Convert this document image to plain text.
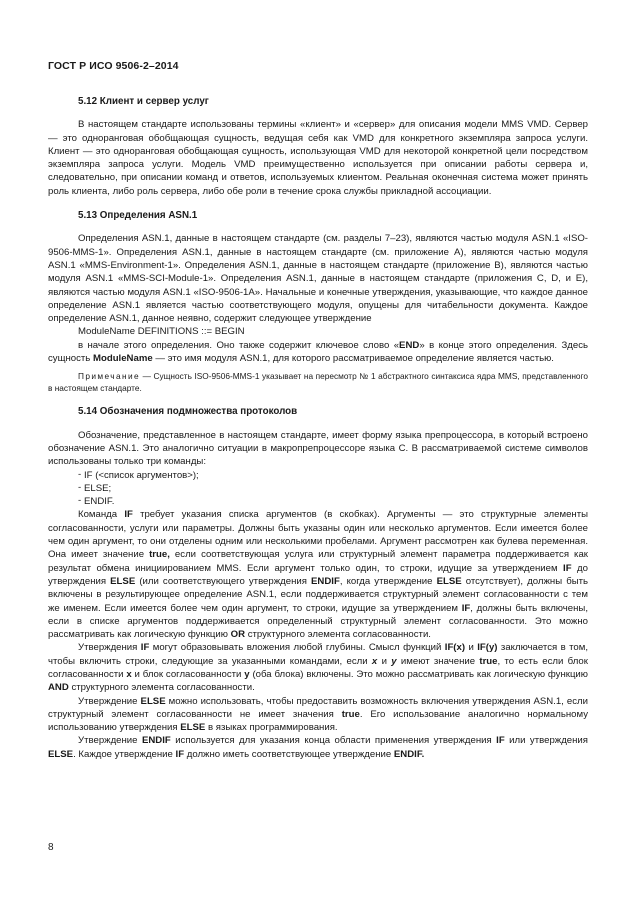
ГОСТ Р ИСО 9506-2–2014
5.12 Клиент и сервер услуг

В настоящем стандарте использованы термины «клиент» и «сервер» для описания модели MMS VMD. Сервер — это одноранговая обобщающая сущность, ведущая себя как VMD для конкретного экземпляра запроса услуги. Клиент — это одноранговая обобщающая сущность, использующая VMD для некоторой конкретной цели посредством экземпляра запроса услуги. Модель VMD преимущественно используется при описании работы сервера и, следовательно, при описании команд и ответов, используемых клиентом. Реальная оконечная система может принять роль клиента, либо роль сервера, либо обе роли в течение срока службы прикладной ассоциации.

5.13 Определения ASN.1

Определения ASN.1, данные в настоящем стандарте (см. разделы 7–23), являются частью модуля ASN.1 «ISO-9506-MMS-1». Определения ASN.1, данные в настоящем стандарте (см. приложение А), являются частью модуля ASN.1 «MMS-Environment-1». Определения ASN.1, данные в настоящем стандарте (приложение В), являются частью модуля ASN.1 «MMS-SCI-Module-1». Определения ASN.1, данные в настоящем стандарте (приложения С, D, и Е), являются частью модуля ASN.1 «ISO-9506-1А». Начальные и конечные утверждения, указывающие, что каждое данное определение ASN.1 является частью соответствующего модуля, опущены для читабельности документа. Каждое определение ASN.1, данное неявно, содержит следующее утверждение

ModuleName DEFINITIONS ::= BEGIN

в начале этого определения. Оно также содержит ключевое слово «END» в конце этого определения. Здесь сущность ModuleName — это имя модуля ASN.1, для которого рассматриваемое определение является частью.

Примечание — Сущность ISO-9506-MMS-1 указывает на пересмотр № 1 абстрактного синтаксиса ядра MMS, представленного в настоящем стандарте.
5.14 Обозначения подмножества протоколов

Обозначение, представленное в настоящем стандарте, имеет форму языка препроцессора, в который встроено обозначение ASN.1. Это аналогично ситуации в макропрепроцессоре языка С. В рассматриваемой системе символов использованы только три команды:

- IF (<список аргументов>);
- ELSE;
- ENDIF.

Команда IF требует указания списка аргументов (в скобках). Аргументы — это структурные элементы согласованности, услуги или параметры. Должны быть указаны один или несколько аргументов. Если имеется более чем один аргумент, то они отделены одним или несколькими пробелами. Аргумент рассмотрен как булева переменная. Она имеет значение true, если соответствующая услуга или структурный элемент параметра поддерживается как результат обмена инициированием MMS. Если аргумент только один, то строки, идущие за утверждением IF до утверждения ELSE (или соответствующего утверждения ENDIF, когда утверждение ELSE отсутствует), должны быть включены в результирующее определение ASN.1, если поддерживается структурный элемент согласованности с тем же именем. Если имеется более чем один аргумент, то строки, идущие за утверждением IF, должны быть включены, если в списке аргументов поддерживается определенный структурный элемент согласованности. Это можно рассматривать как логическую функцию OR структурного элемента согласованности.

Утверждения IF могут образовывать вложения любой глубины. Смысл функций IF(x) и IF(y) заключается в том, чтобы включить строки, следующие за указанными командами, если x и y имеют значение true, то есть если блок согласованности х и блок согласованности у (оба блока) включены. Это можно рассматривать как логическую функцию AND структурного элемента согласованности.

Утверждение ELSE можно использовать, чтобы предоставить возможность включения утверждения ASN.1, если структурный элемент согласованности не имеет значения true. Его использование аналогично нормальному использованию утверждения ELSE в языках программирования.

Утверждение ENDIF используется для указания конца области применения утверждения IF или утверждения ELSE. Каждое утверждение IF должно иметь соответствующее утверждение ENDIF.

8
